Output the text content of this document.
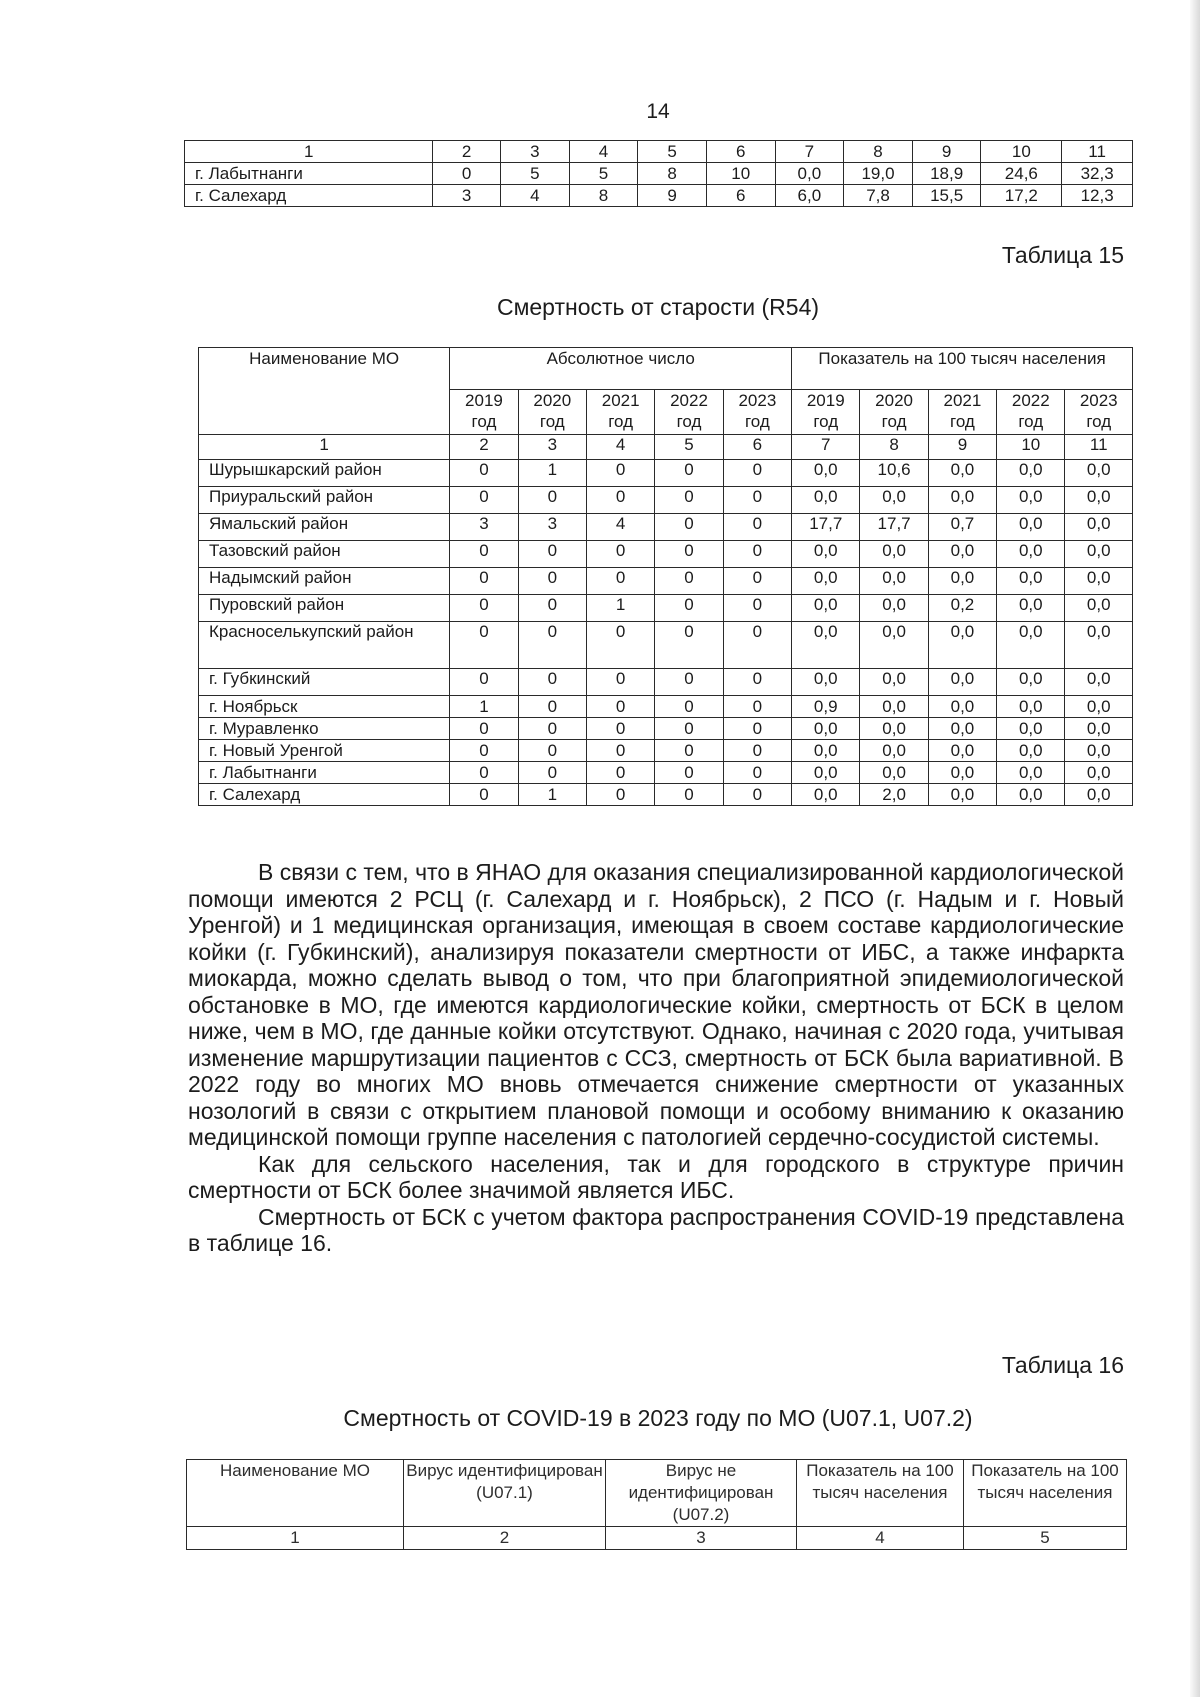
14
1	2	3	4	5	6	7	8	9	10	11
г. Лабытнанги	0	5	5	8	10	0,0	19,0	18,9	24,6	32,3
г. Салехард	3	4	8	9	6	6,0	7,8	15,5	17,2	12,3
Таблица 15
Смертность от старости (R54)
Наименование МО	Абсолютное число					Показатель на 100 тысяч населения				
	2019 год	2020 год	2021 год	2022 год	2023 год	2019 год	2020 год	2021 год	2022 год	2023 год
1	2	3	4	5	6	7	8	9	10	11
Шурышкарский район	0	1	0	0	0	0,0	10,6	0,0	0,0	0,0
Приуральский район	0	0	0	0	0	0,0	0,0	0,0	0,0	0,0
Ямальский район	3	3	4	0	0	17,7	17,7	0,7	0,0	0,0
Тазовский район	0	0	0	0	0	0,0	0,0	0,0	0,0	0,0
Надымский район	0	0	0	0	0	0,0	0,0	0,0	0,0	0,0
Пуровский район	0	0	1	0	0	0,0	0,0	0,2	0,0	0,0
Красноселькупский район	0	0	0	0	0	0,0	0,0	0,0	0,0	0,0
г. Губкинский	0	0	0	0	0	0,0	0,0	0,0	0,0	0,0
г. Ноябрьск	1	0	0	0	0	0,9	0,0	0,0	0,0	0,0
г. Муравленко	0	0	0	0	0	0,0	0,0	0,0	0,0	0,0
г. Новый Уренгой	0	0	0	0	0	0,0	0,0	0,0	0,0	0,0
г. Лабытнанги	0	0	0	0	0	0,0	0,0	0,0	0,0	0,0
г. Салехард	0	1	0	0	0	0,0	2,0	0,0	0,0	0,0

В связи с тем, что в ЯНАО для оказания специализированной кардиологической помощи имеются 2 РСЦ (г. Салехард и г. Ноябрьск), 2 ПСО (г. Надым и г. Новый Уренгой) и 1 медицинская организация, имеющая в своем составе кардиологические койки (г. Губкинский), анализируя показатели смертности от ИБС, а также инфаркта миокарда, можно сделать вывод о том, что при благоприятной эпидемиологической обстановке в МО, где имеются кардиологические койки, смертность от БСК в целом ниже, чем в МО, где данные койки отсутствуют. Однако, начиная с 2020 года, учитывая изменение маршрутизации пациентов с ССЗ, смертность от БСК была вариативной. В 2022 году во многих МО вновь отмечается снижение смертности от указанных нозологий в связи с открытием плановой помощи и особому вниманию к оказанию медицинской помощи группе населения с патологией сердечно-сосудистой системы.

Как для сельского населения, так и для городского в структуре причин смертности от БСК более значимой является ИБС.

Смертность от БСК с учетом фактора распространения COVID-19 представлена в таблице 16.

Таблица 16
Смертность от COVID-19 в 2023 году по МО (U07.1, U07.2)
Наименование МО	Вирус идентифицирован (U07.1)	Вирус не идентифицирован (U07.2)	Показатель на 100 тысяч населения	Показатель на 100 тысяч населения
1	2	3	4	5
